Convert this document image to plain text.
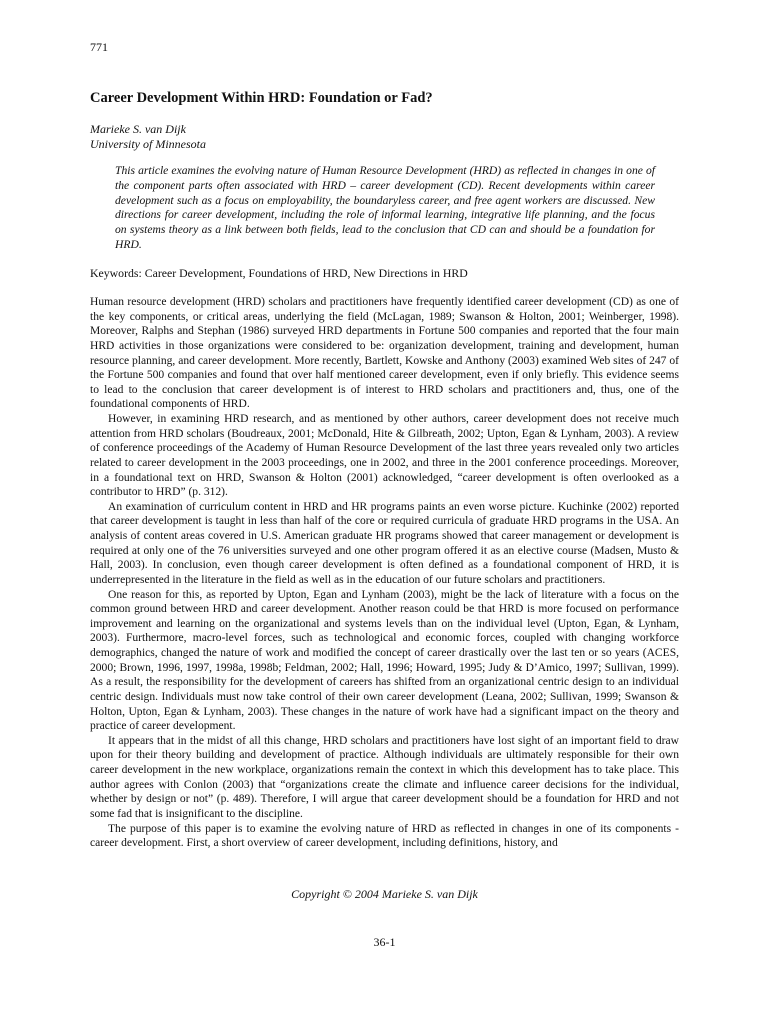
771
Career Development Within HRD: Foundation or Fad?
Marieke S. van Dijk
University of Minnesota

This article examines the evolving nature of Human Resource Development (HRD) as reflected in changes in one of the component parts often associated with HRD – career development (CD). Recent developments within career development such as a focus on employability, the boundaryless career, and free agent workers are discussed. New directions for career development, including the role of informal learning, integrative life planning, and the focus on systems theory as a link between both fields, lead to the conclusion that CD can and should be a foundation for HRD.

Keywords: Career Development, Foundations of HRD, New Directions in HRD

Human resource development (HRD) scholars and practitioners have frequently identified career development (CD) as one of the key components, or critical areas, underlying the field (McLagan, 1989; Swanson & Holton, 2001; Weinberger, 1998). Moreover, Ralphs and Stephan (1986) surveyed HRD departments in Fortune 500 companies and reported that the four main HRD activities in those organizations were considered to be: organization development, training and development, human resource planning, and career development. More recently, Bartlett, Kowske and Anthony (2003) examined Web sites of 247 of the Fortune 500 companies and found that over half mentioned career development, even if only briefly. This evidence seems to lead to the conclusion that career development is of interest to HRD scholars and practitioners and, thus, one of the foundational components of HRD.

However, in examining HRD research, and as mentioned by other authors, career development does not receive much attention from HRD scholars (Boudreaux, 2001; McDonald, Hite & Gilbreath, 2002; Upton, Egan & Lynham, 2003). A review of conference proceedings of the Academy of Human Resource Development of the last three years revealed only two articles related to career development in the 2003 proceedings, one in 2002, and three in the 2001 conference proceedings. Moreover, in a foundational text on HRD, Swanson & Holton (2001) acknowledged, “career development is often overlooked as a contributor to HRD” (p. 312).

An examination of curriculum content in HRD and HR programs paints an even worse picture. Kuchinke (2002) reported that career development is taught in less than half of the core or required curricula of graduate HRD programs in the USA. An analysis of content areas covered in U.S. American graduate HR programs showed that career management or development is required at only one of the 76 universities surveyed and one other program offered it as an elective course (Madsen, Musto & Hall, 2003). In conclusion, even though career development is often defined as a foundational component of HRD, it is underrepresented in the literature in the field as well as in the education of our future scholars and practitioners.

One reason for this, as reported by Upton, Egan and Lynham (2003), might be the lack of literature with a focus on the common ground between HRD and career development. Another reason could be that HRD is more focused on performance improvement and learning on the organizational and systems levels than on the individual level (Upton, Egan, & Lynham, 2003). Furthermore, macro-level forces, such as technological and economic forces, coupled with changing workforce demographics, changed the nature of work and modified the concept of career drastically over the last ten or so years (ACES, 2000; Brown, 1996, 1997, 1998a, 1998b; Feldman, 2002; Hall, 1996; Howard, 1995; Judy & D’Amico, 1997; Sullivan, 1999). As a result, the responsibility for the development of careers has shifted from an organizational centric design to an individual centric design. Individuals must now take control of their own career development (Leana, 2002; Sullivan, 1999; Swanson & Holton, Upton, Egan & Lynham, 2003). These changes in the nature of work have had a significant impact on the theory and practice of career development.

It appears that in the midst of all this change, HRD scholars and practitioners have lost sight of an important field to draw upon for their theory building and development of practice. Although individuals are ultimately responsible for their own career development in the new workplace, organizations remain the context in which this development has to take place. This author agrees with Conlon (2003) that “organizations create the climate and influence career decisions for the individual, whether by design or not” (p. 489). Therefore, I will argue that career development should be a foundation for HRD and not some fad that is insignificant to the discipline.

The purpose of this paper is to examine the evolving nature of HRD as reflected in changes in one of its components - career development. First, a short overview of career development, including definitions, history, and

Copyright © 2004 Marieke S. van Dijk
36-1
